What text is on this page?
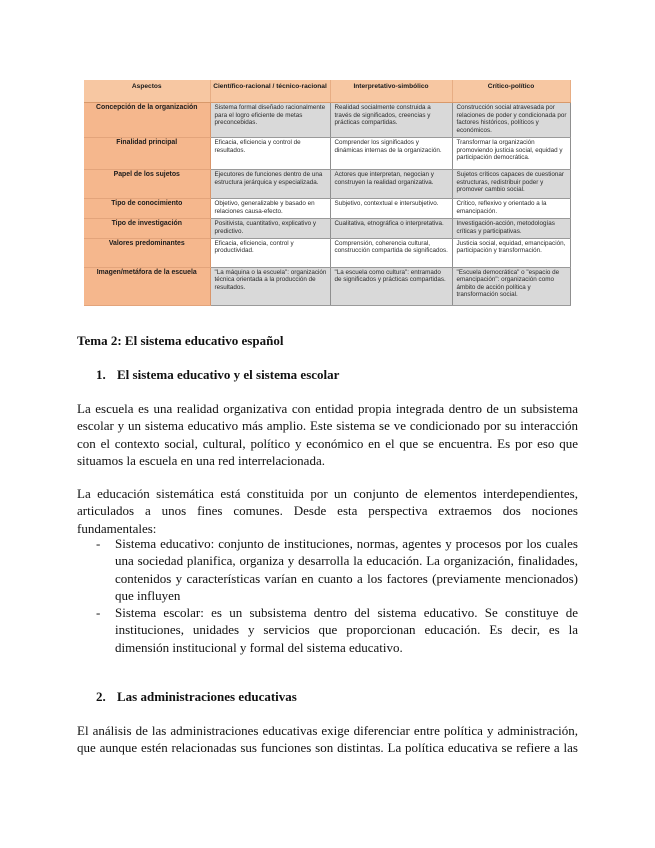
Aspectos	Científico-racional / técnico-racional	Interpretativo-simbólico	Crítico-político
Concepción de la organización	Sistema formal diseñado racionalmente para el logro eficiente de metas preconcebidas.	Realidad socialmente construida a través de significados, creencias y prácticas compartidas.	Construcción social atravesada por relaciones de poder y condicionada por factores históricos, políticos y económicos.
Finalidad principal	Eficacia, eficiencia y control de resultados.	Comprender los significados y dinámicas internas de la organización.	Transformar la organización promoviendo justicia social, equidad y participación democrática.
Papel de los sujetos	Ejecutores de funciones dentro de una estructura jerárquica y especializada.	Actores que interpretan, negocian y construyen la realidad organizativa.	Sujetos críticos capaces de cuestionar estructuras, redistribuir poder y promover cambio social.
Tipo de conocimiento	Objetivo, generalizable y basado en relaciones causa-efecto.	Subjetivo, contextual e intersubjetivo.	Crítico, reflexivo y orientado a la emancipación.
Tipo de investigación	Positivista, cuantitativo, explicativo y predictivo.	Cualitativa, etnográfica o interpretativa.	Investigación-acción, metodologías críticas y participativas.
Valores predominantes	Eficacia, eficiencia, control y productividad.	Comprensión, coherencia cultural, construcción compartida de significados.	Justicia social, equidad, emancipación, participación y transformación.
Imagen/metáfora de la escuela	"La máquina o la escuela": organización técnica orientada a la producción de resultados.	"La escuela como cultura": entramado de significados y prácticas compartidas.	"Escuela democrática" o "espacio de emancipación": organización como ámbito de acción política y transformación social.

Tema 2: El sistema educativo español

1. El sistema educativo y el sistema escolar

La escuela es una realidad organizativa con entidad propia integrada dentro de un subsistema escolar y un sistema educativo más amplio. Este sistema se ve condicionado por su interacción con el contexto social, cultural, político y económico en el que se encuentra. Es por eso que situamos la escuela en una red interrelacionada.

La educación sistemática está constituida por un conjunto de elementos interdependientes, articulados a unos fines comunes. Desde esta perspectiva extraemos dos nociones fundamentales:

- Sistema educativo: conjunto de instituciones, normas, agentes y procesos por los cuales una sociedad planifica, organiza y desarrolla la educación. La organización, finalidades, contenidos y características varían en cuanto a los factores (previamente mencionados) que influyen
- Sistema escolar: es un subsistema dentro del sistema educativo. Se constituye de instituciones, unidades y servicios que proporcionan educación. Es decir, es la dimensión institucional y formal del sistema educativo.

2. Las administraciones educativas

El análisis de las administraciones educativas exige diferenciar entre política y administración, que aunque estén relacionadas sus funciones son distintas. La política educativa se refiere a las
